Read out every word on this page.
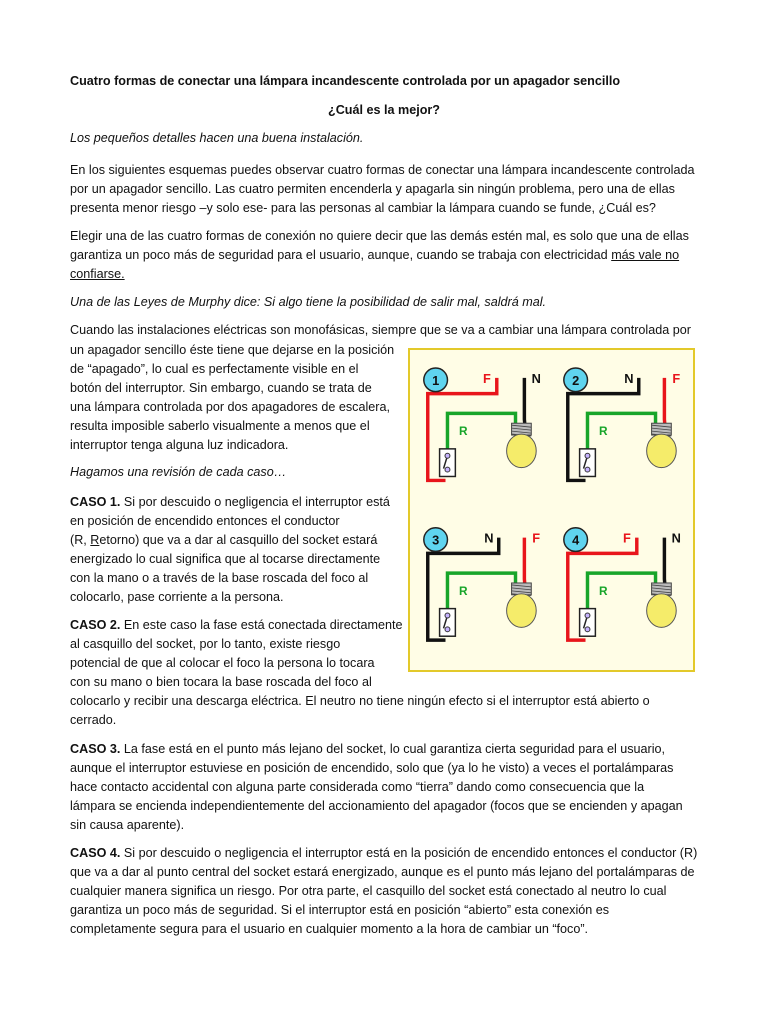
Cuatro formas de conectar una lámpara incandescente controlada por un apagador sencillo
¿Cuál es la mejor?
Los pequeños detalles hacen una buena instalación.
En los siguientes esquemas puedes observar cuatro formas de conectar una lámpara incandescente controlada
por un apagador sencillo. Las cuatro permiten encenderla y apagarla sin ningún problema, pero una de ellas
presenta menor riesgo –y solo ese- para las personas al cambiar la lámpara cuando se funde, ¿Cuál es?
Elegir una de las cuatro formas de conexión no quiere decir que las demás estén mal, es solo que una de ellas
garantiza un poco más de seguridad para el usuario, aunque, cuando se trabaja con electricidad más vale no
confiarse.
Una de las Leyes de Murphy dice: Si algo tiene la posibilidad de salir mal, saldrá mal.
Cuando las instalaciones eléctricas son monofásicas, siempre que se va a cambiar una lámpara controlada por
un apagador sencillo éste tiene que dejarse en la posición
de “apagado”, lo cual es perfectamente visible en el
botón del interruptor. Sin embargo, cuando se trata de
una lámpara controlada por dos apagadores de escalera,
resulta imposible saberlo visualmente a menos que el
interruptor tenga alguna luz indicadora.
Hagamos una revisión de cada caso…
CASO 1. Si por descuido o negligencia el interruptor está
en posición de encendido entonces el conductor
(R, Retorno) que va a dar al casquillo del socket estará
energizado lo cual significa que al tocarse directamente
con la mano o a través de la base roscada del foco al
colocarlo, pase corriente a la persona.
CASO 2. En este caso la fase está conectada directamente
al casquillo del socket, por lo tanto, existe riesgo
potencial de que al colocar el foco la persona lo tocara
con su mano o bien tocara la base roscada del foco al
colocarlo y recibir una descarga eléctrica. El neutro no tiene ningún efecto si el interruptor está abierto o
cerrado.
CASO 3. La fase está en el punto más lejano del socket, lo cual garantiza cierta seguridad para el usuario,
aunque el interruptor estuviese en posición de encendido, solo que (ya lo he visto) a veces el portalámparas
hace contacto accidental con alguna parte considerada como “tierra” dando como consecuencia que la
lámpara se encienda independientemente del accionamiento del apagador (focos que se encienden y apagan
sin causa aparente).
CASO 4. Si por descuido o negligencia el interruptor está en la posición de encendido entonces el conductor (R)
que va a dar al punto central del socket estará energizado, aunque es el punto más lejano del portalámparas de
cualquier manera significa un riesgo. Por otra parte, el casquillo del socket está conectado al neutro lo cual
garantiza un poco más de seguridad. Si el interruptor está en posición “abierto” esta conexión es
completamente segura para el usuario en cualquier momento a la hora de cambiar un “foco”.
1	F	N
R
2	N	F
R
3	N	F
R
4	F	N
R
